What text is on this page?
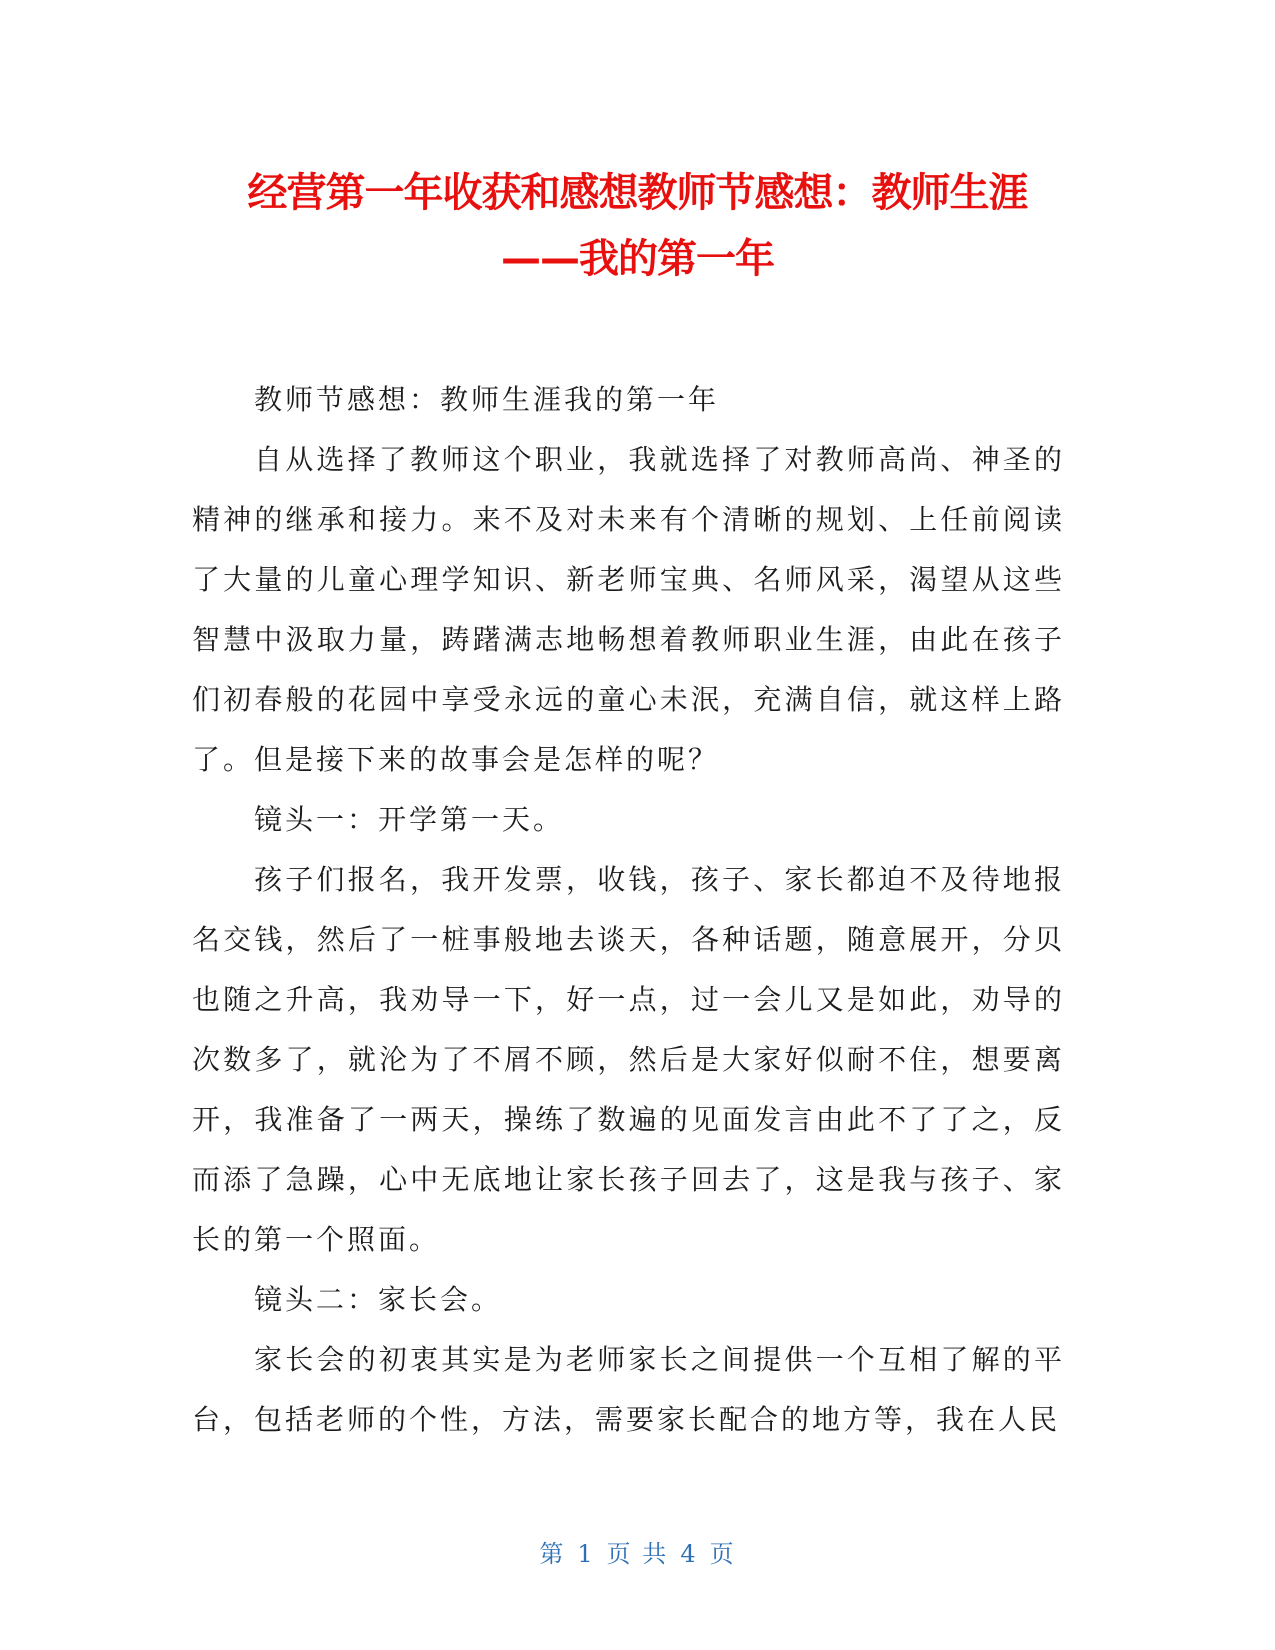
经营第一年收获和感想教师节感想：教师生涯
——我的第一年

教师节感想：教师生涯我的第一年

自从选择了教师这个职业，我就选择了对教师高尚、神圣的精神的继承和接力。来不及对未来有个清晰的规划、上任前阅读了大量的儿童心理学知识、新老师宝典、名师风采，渴望从这些智慧中汲取力量，踌躇满志地畅想着教师职业生涯，由此在孩子们初春般的花园中享受永远的童心未泯，充满自信，就这样上路了。但是接下来的故事会是怎样的呢？

镜头一：开学第一天。

孩子们报名，我开发票，收钱，孩子、家长都迫不及待地报名交钱，然后了一桩事般地去谈天，各种话题，随意展开，分贝也随之升高，我劝导一下，好一点，过一会儿又是如此，劝导的次数多了，就沦为了不屑不顾，然后是大家好似耐不住，想要离开，我准备了一两天，操练了数遍的见面发言由此不了了之，反而添了急躁，心中无底地让家长孩子回去了，这是我与孩子、家长的第一个照面。

镜头二：家长会。

家长会的初衷其实是为老师家长之间提供一个互相了解的平台，包括老师的个性，方法，需要家长配合的地方等，我在人民

第 1 页 共 4 页
